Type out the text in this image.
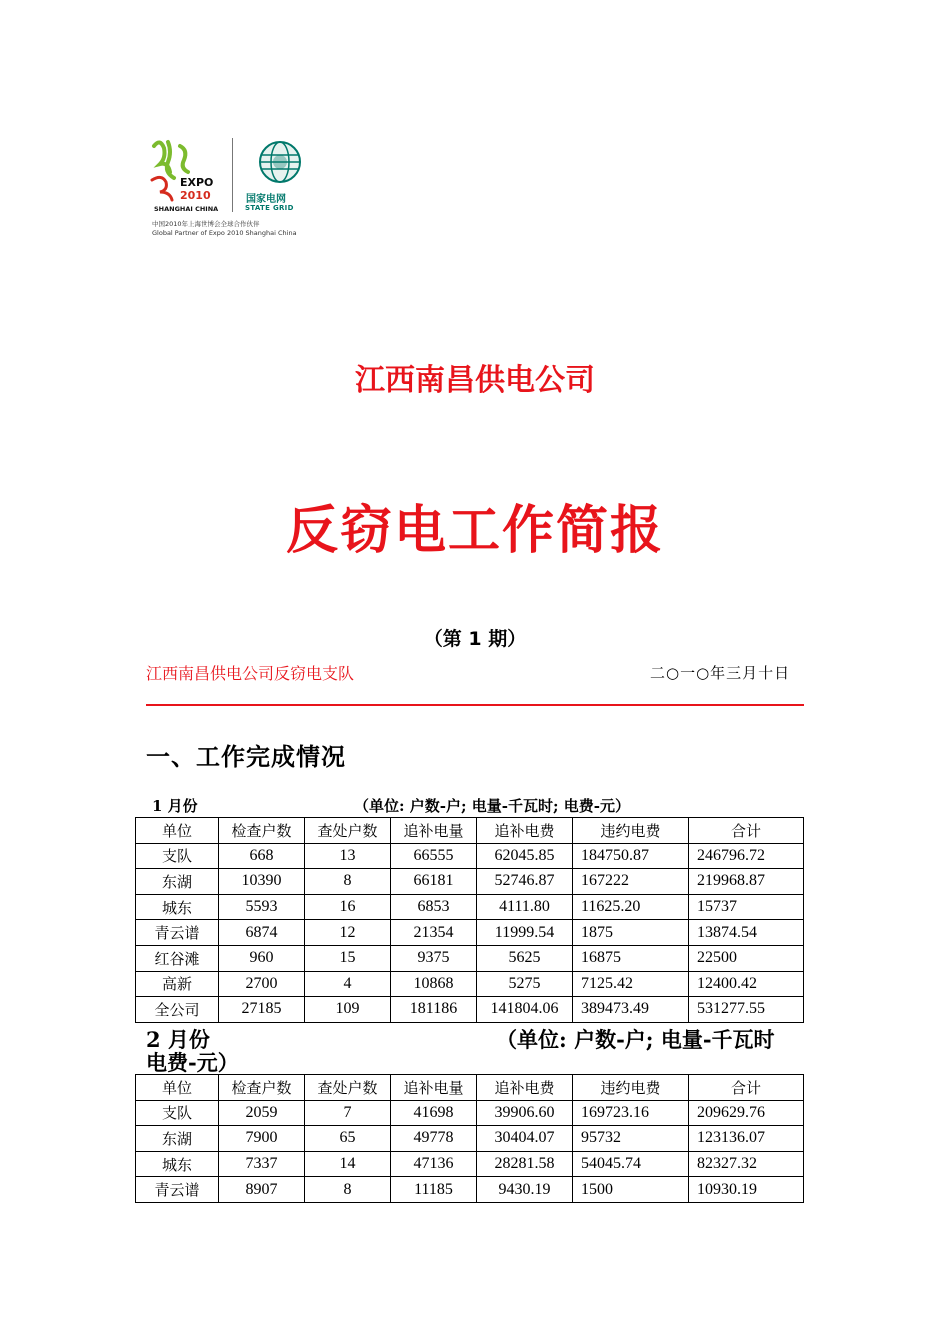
EXPO
2010
SHANGHAI CHINA
国家电网
STATE GRID
中国2010年上海世博会全球合作伙伴
Global Partner of Expo 2010 Shanghai China
江西南昌供电公司
反窃电工作简报
（第 1 期）
江西南昌供电公司反窃电支队	二○一○年三月十日
一、工作完成情况
1 月份	（单位: 户数-户; 电量-千瓦时; 电费-元）
单位	检查户数	查处户数	追补电量	追补电费	违约电费	合计
支队	668	13	66555	62045.85	184750.87	246796.72
东湖	10390	8	66181	52746.87	167222	219968.87
城东	5593	16	6853	4111.80	11625.20	15737
青云谱	6874	12	21354	11999.54	1875	13874.54
红谷滩	960	15	9375	5625	16875	22500
高新	2700	4	10868	5275	7125.42	12400.42
全公司	27185	109	181186	141804.06	389473.49	531277.55
2 月份	（单位: 户数-户; 电量-千瓦时
电费-元）
单位	检查户数	查处户数	追补电量	追补电费	违约电费	合计
支队	2059	7	41698	39906.60	169723.16	209629.76
东湖	7900	65	49778	30404.07	95732	123136.07
城东	7337	14	47136	28281.58	54045.74	82327.32
青云谱	8907	8	11185	9430.19	1500	10930.19
